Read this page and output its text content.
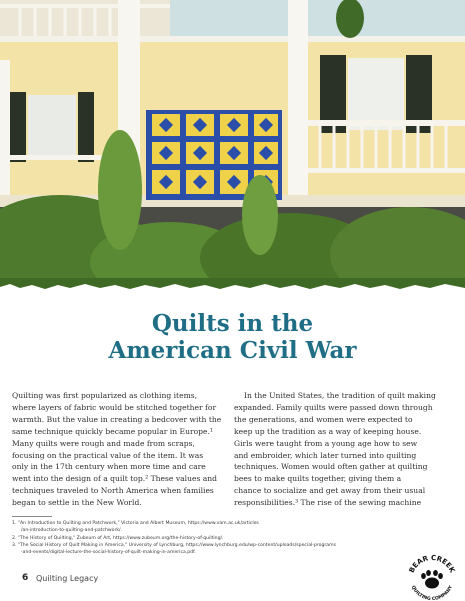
Quilts in the
American Civil War
Quilting was first popularized as clothing items,
where layers of fabric would be stitched together for
warmth. But the value in creating a bedcover with the
same technique quickly became popular in Europe.¹
Many quilts were rough and made from scraps,
focusing on the practical value of the item. It was
only in the 17th century when more time and care
went into the design of a quilt top.² These values and
techniques traveled to North America when families
began to settle in the New World.
In the United States, the tradition of quilt making
expanded. Family quilts were passed down through
the generations, and women were expected to
keep up the tradition as a way of keeping house.
Girls were taught from a young age how to sew
and embroider, which later turned into quilting
techniques. Women would often gather at quilting
bees to make quilts together, giving them a
chance to socialize and get away from their usual
responsibilities.³ The rise of the sewing machine
1. "An Introduction to Quilting and Patchwork," Victoria and Albert Museum, https://www.vam.ac.uk/articles
/an-introduction-to-quilting-and-patchwork/.
2. "The History of Quilting," Zubeum of Art, https://www.zubeum.org/the-history-of-quilting/.
3. "The Social History of Quilt Making in America," University of Lynchburg, https://www.lynchburg.edu/wp-content/uploads/special-programs
-and-events/digital-lecture-the-social-history-of-quilt-making-in-america.pdf.
6 Quilting Legacy
BEAR CREEK
QUILTING COMPANY
